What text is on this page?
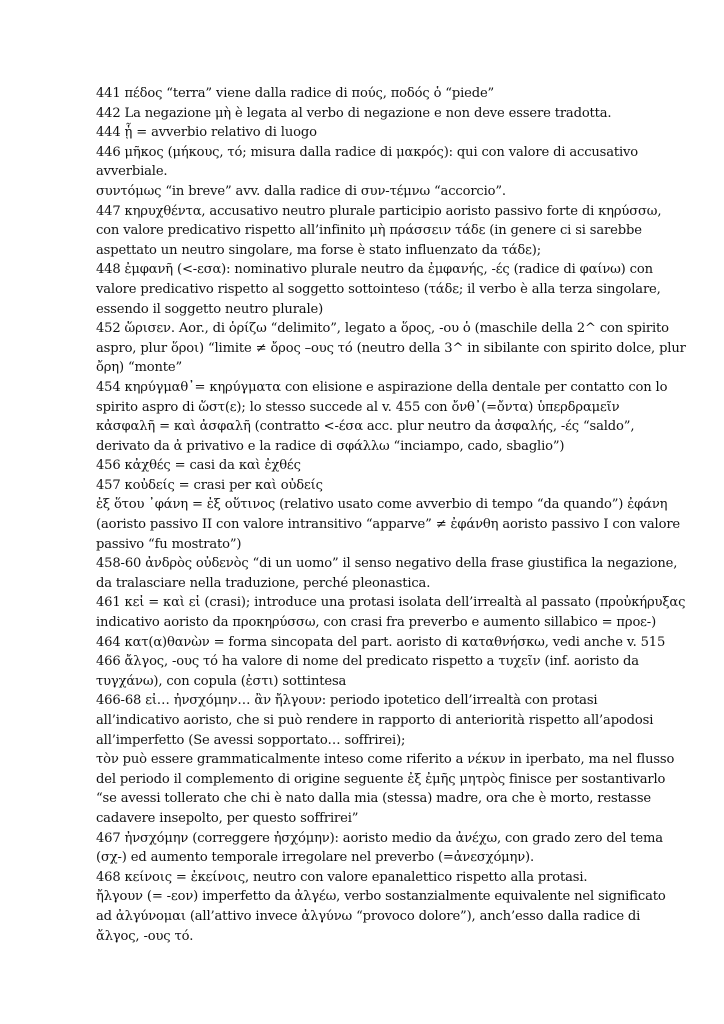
441 πέδος “terra” viene dalla radice di πούς, ποδός ὁ “piede”
442 La negazione μὴ è legata al verbo di negazione e non deve essere tradotta.
444 ᾗ = avverbio relativo di luogo
446 μῆκος (μήκους, τό; misura dalla radice di μακρός): qui con valore di accusativo
avverbiale.
συντόμως “in breve” avv. dalla radice di συν-τέμνω “accorcio”.
447 κηρυχθέντα, accusativo neutro plurale participio aoristo passivo forte di κηρύσσω,
con valore predicativo rispetto all’infinito μὴ πράσσειν τάδε (in genere ci si sarebbe
aspettato un neutro singolare, ma forse è stato influenzato da τάδε);
448 ἐμφανῆ (<-εσα): nominativo plurale neutro da ἐμφανής, -ές (radice di φαίνω) con
valore predicativo rispetto al soggetto sottointeso (τάδε; il verbo è alla terza singolare,
essendo il soggetto neutro plurale)
452 ὥρισεν. Aor., di ὁρίζω “delimito”, legato a ὅρος, -ου ὁ (maschile della 2^ con spirito
aspro, plur ὅροι) “limite ≠ ὄρος –ους τό (neutro della 3^ in sibilante con spirito dolce, plur
ὄρη) “monte”
454 κηρύγμαθ᾽= κηρύγματα con elisione e aspirazione della dentale per contatto con lo
spirito aspro di ὥστ(ε); lo stesso succede al v. 455 con ὄνθ᾽(=ὄντα) ὑπερδραμεῖν
κἀσφαλῆ = καὶ ἀσφαλῆ (contratto <-έσα acc. plur neutro da ἀσφαλής, -ές “saldo”,
derivato da ἀ privativo e la radice di σφάλλω “inciampo, cado, sbaglio”)
456 κἀχθές = casi da καὶ ἐχθές
457 κοὐδείς = crasi per καὶ οὐδείς
ἐξ ὅτου ᾽φάνη = ἐξ οὕτινος (relativo usato come avverbio di tempo “da quando”) ἐφάνη
(aoristo passivo II con valore intransitivo “apparve” ≠ ἐφάνθη aoristo passivo I con valore
passivo “fu mostrato”)
458-60 ἀνδρὸς οὐδενὸς “di un uomo” il senso negativo della frase giustifica la negazione,
da tralasciare nella traduzione, perché pleonastica.
461 κεἰ = καὶ εἰ (crasi); introduce una protasi isolata dell’irrealtà al passato (προὐκήρυξας
indicativo aoristo da προκηρύσσω, con crasi fra preverbo e aumento sillabico = προε-)
464 κατ(α)θανὼν = forma sincopata del part. aoristo di καταθνήσκω, vedi anche v. 515
466 ἄλγος, -ους τό ha valore di nome del predicato rispetto a τυχεῖν (inf. aoristo da
τυγχάνω), con copula (ἐστι) sottintesa
466-68 εἰ… ἠνσχόμην… ἂν ἤλγουν: periodo ipotetico dell’irrealtà con protasi
all’indicativo aoristo, che si può rendere in rapporto di anteriorità rispetto all’apodosi
all’imperfetto (Se avessi sopportato… soffrirei);
τὸν può essere grammaticalmente inteso come riferito a νέκυν in iperbato, ma nel flusso
del periodo il complemento di origine seguente ἐξ ἐμῆς μητρὸς finisce per sostantivarlo
“se avessi tollerato che chi è nato dalla mia (stessa) madre, ora che è morto, restasse
cadavere insepolto, per questo soffrirei”
467 ἠνσχόμην (correggere ἠσχόμην): aoristo medio da ἀνέχω, con grado zero del tema
(σχ-) ed aumento temporale irregolare nel preverbo (=ἀνεσχόμην).
468 κείνοις = ἐκείνοις, neutro con valore epanalettico rispetto alla protasi.
ἤλγουν (= -εον) imperfetto da ἀλγέω, verbo sostanzialmente equivalente nel significato
ad ἀλγύνομαι (all’attivo invece ἀλγύνω “provoco dolore”), anch’esso dalla radice di
ἄλγος, -ους τό.
